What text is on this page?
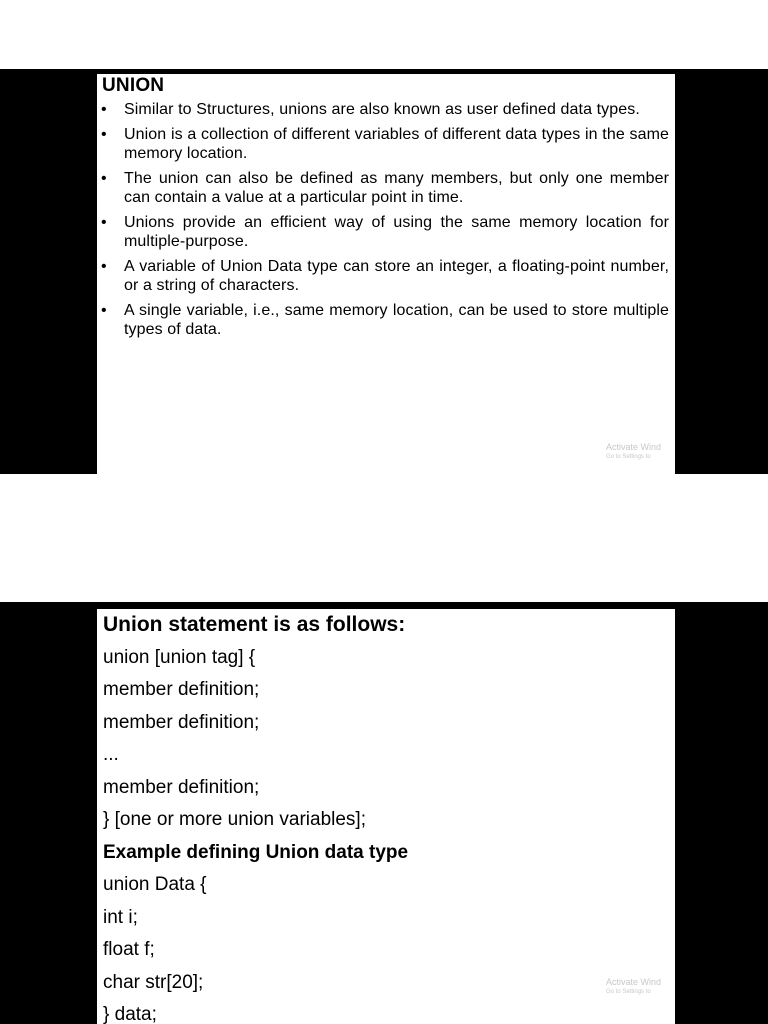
UNION
• Similar to Structures, unions are also known as user defined data types.
• Union is a collection of different variables of different data types in the same memory location.
• The union can also be defined as many members, but only one member can contain a value at a particular point in time.
• Unions provide an efficient way of using the same memory location for multiple-purpose.
• A variable of Union Data type can store an integer, a floating-point number, or a string of characters.
• A single variable, i.e., same memory location, can be used to store multiple types of data.
Activate Wind
Go to Settings to
Union statement is as follows:
union [union tag] {
member definition;
member definition;
...
member definition;
} [one or more union variables];
Example defining Union data type
union Data {
int i;
float f;
char str[20];
} data;
Activate Wind
Go to Settings to
